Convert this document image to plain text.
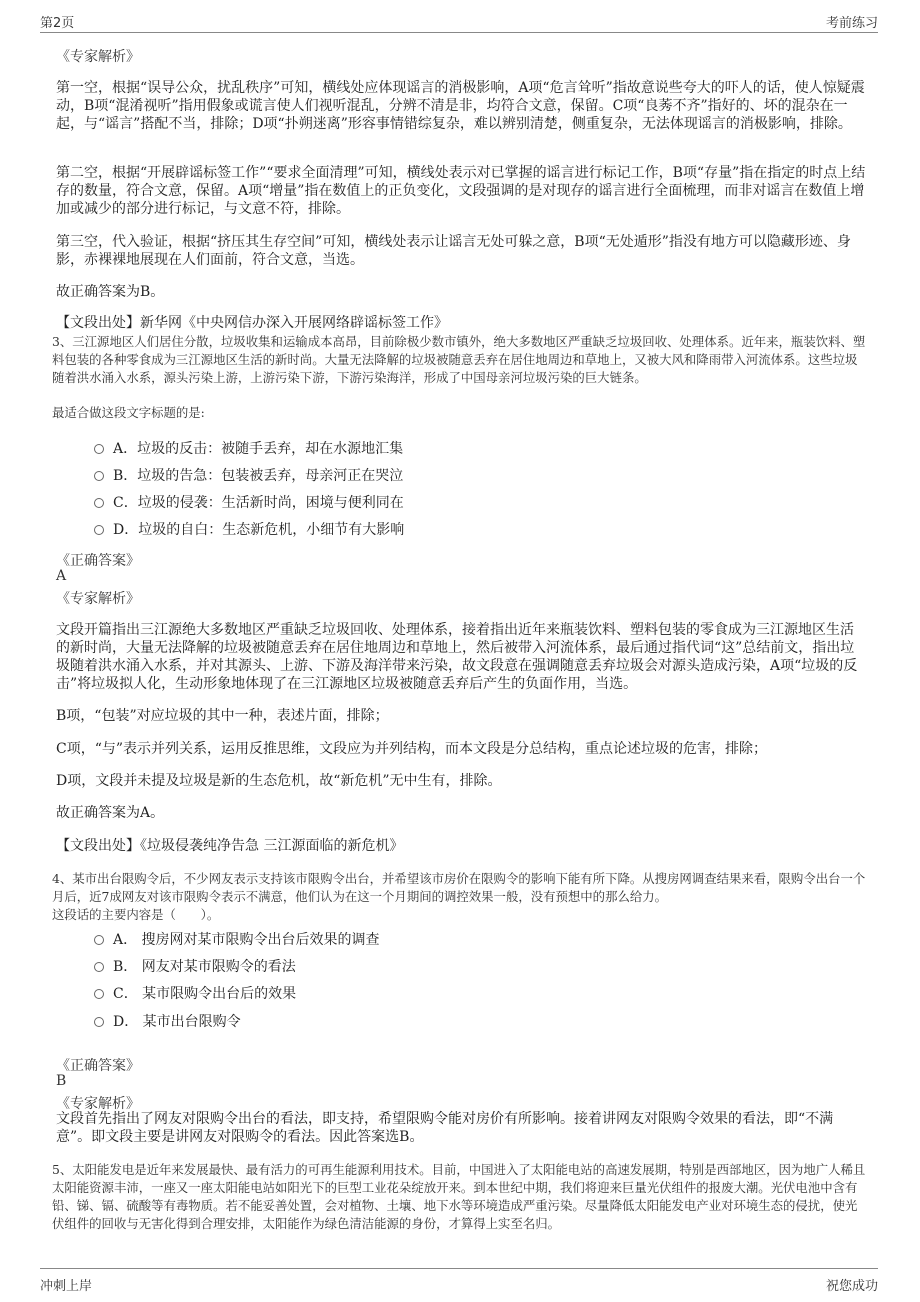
第2页	考前练习
《专家解析》
第一空，根据“误导公众，扰乱秩序”可知，横线处应体现谣言的消极影响，A项“危言耸听”指故意说些夸大的吓人的话，使人惊疑震动，B项“混淆视听”指用假象或谎言使人们视听混乱，分辨不清是非，均符合文意，保留。C项“良莠不齐”指好的、坏的混杂在一起，与“谣言”搭配不当，排除；D项“扑朔迷离”形容事情错综复杂，难以辨别清楚，侧重复杂，无法体现谣言的消极影响，排除。
第二空，根据“开展辟谣标签工作”“要求全面清理”可知，横线处表示对已掌握的谣言进行标记工作，B项“存量”指在指定的时点上结存的数量，符合文意，保留。A项“增量”指在数值上的正负变化，文段强调的是对现存的谣言进行全面梳理，而非对谣言在数值上增加或减少的部分进行标记，与文意不符，排除。
第三空，代入验证，根据“挤压其生存空间”可知，横线处表示让谣言无处可躲之意，B项“无处遁形”指没有地方可以隐藏形迹、身影，赤裸裸地展现在人们面前，符合文意，当选。
故正确答案为B。
【文段出处】新华网《中央网信办深入开展网络辟谣标签工作》
3、三江源地区人们居住分散，垃圾收集和运输成本高昂，目前除极少数市镇外，绝大多数地区严重缺乏垃圾回收、处理体系。近年来，瓶装饮料、塑料包装的各种零食成为三江源地区生活的新时尚。大量无法降解的垃圾被随意丢弃在居住地周边和草地上，又被大风和降雨带入河流体系。这些垃圾随着洪水涌入水系，源头污染上游，上游污染下游，下游污染海洋，形成了中国母亲河垃圾污染的巨大链条。
最适合做这段文字标题的是:
A．垃圾的反击：被随手丢弃，却在水源地汇集
B．垃圾的告急：包装被丢弃，母亲河正在哭泣
C．垃圾的侵袭：生活新时尚，困境与便利同在
D．垃圾的自白：生态新危机，小细节有大影响
《正确答案》
A
《专家解析》
文段开篇指出三江源绝大多数地区严重缺乏垃圾回收、处理体系，接着指出近年来瓶装饮料、塑料包装的零食成为三江源地区生活的新时尚，大量无法降解的垃圾被随意丢弃在居住地周边和草地上，然后被带入河流体系，最后通过指代词“这”总结前文，指出垃圾随着洪水涌入水系，并对其源头、上游、下游及海洋带来污染，故文段意在强调随意丢弃垃圾会对源头造成污染，A项“垃圾的反击”将垃圾拟人化，生动形象地体现了在三江源地区垃圾被随意丢弃后产生的负面作用，当选。
B项，“包装”对应垃圾的其中一种，表述片面，排除；
C项，“与”表示并列关系，运用反推思维，文段应为并列结构，而本文段是分总结构，重点论述垃圾的危害，排除；
D项，文段并未提及垃圾是新的生态危机，故“新危机”无中生有，排除。
故正确答案为A。
【文段出处】《垃圾侵袭纯净告急 三江源面临的新危机》
4、某市出台限购令后，不少网友表示支持该市限购令出台，并希望该市房价在限购令的影响下能有所下降。从搜房网调查结果来看，限购令出台一个月后，近7成网友对该市限购令表示不满意，他们认为在这一个月期间的调控效果一般，没有预想中的那么给力。
这段话的主要内容是（　　）。
A． 搜房网对某市限购令出台后效果的调查
B． 网友对某市限购令的看法
C． 某市限购令出台后的效果
D． 某市出台限购令
《正确答案》
B
《专家解析》
文段首先指出了网友对限购令出台的看法，即支持，希望限购令能对房价有所影响。接着讲网友对限购令效果的看法，即“不满意”。即文段主要是讲网友对限购令的看法。因此答案选B。
5、太阳能发电是近年来发展最快、最有活力的可再生能源利用技术。目前，中国进入了太阳能电站的高速发展期，特别是西部地区，因为地广人稀且太阳能资源丰沛，一座又一座太阳能电站如阳光下的巨型工业花朵绽放开来。到本世纪中期，我们将迎来巨量光伏组件的报废大潮。光伏电池中含有铅、锑、镉、硫酸等有毒物质。若不能妥善处置，会对植物、土壤、地下水等环境造成严重污染。尽量降低太阳能发电产业对环境生态的侵扰，使光伏组件的回收与无害化得到合理安排，太阳能作为绿色清洁能源的身份，才算得上实至名归。
冲刺上岸	祝您成功
